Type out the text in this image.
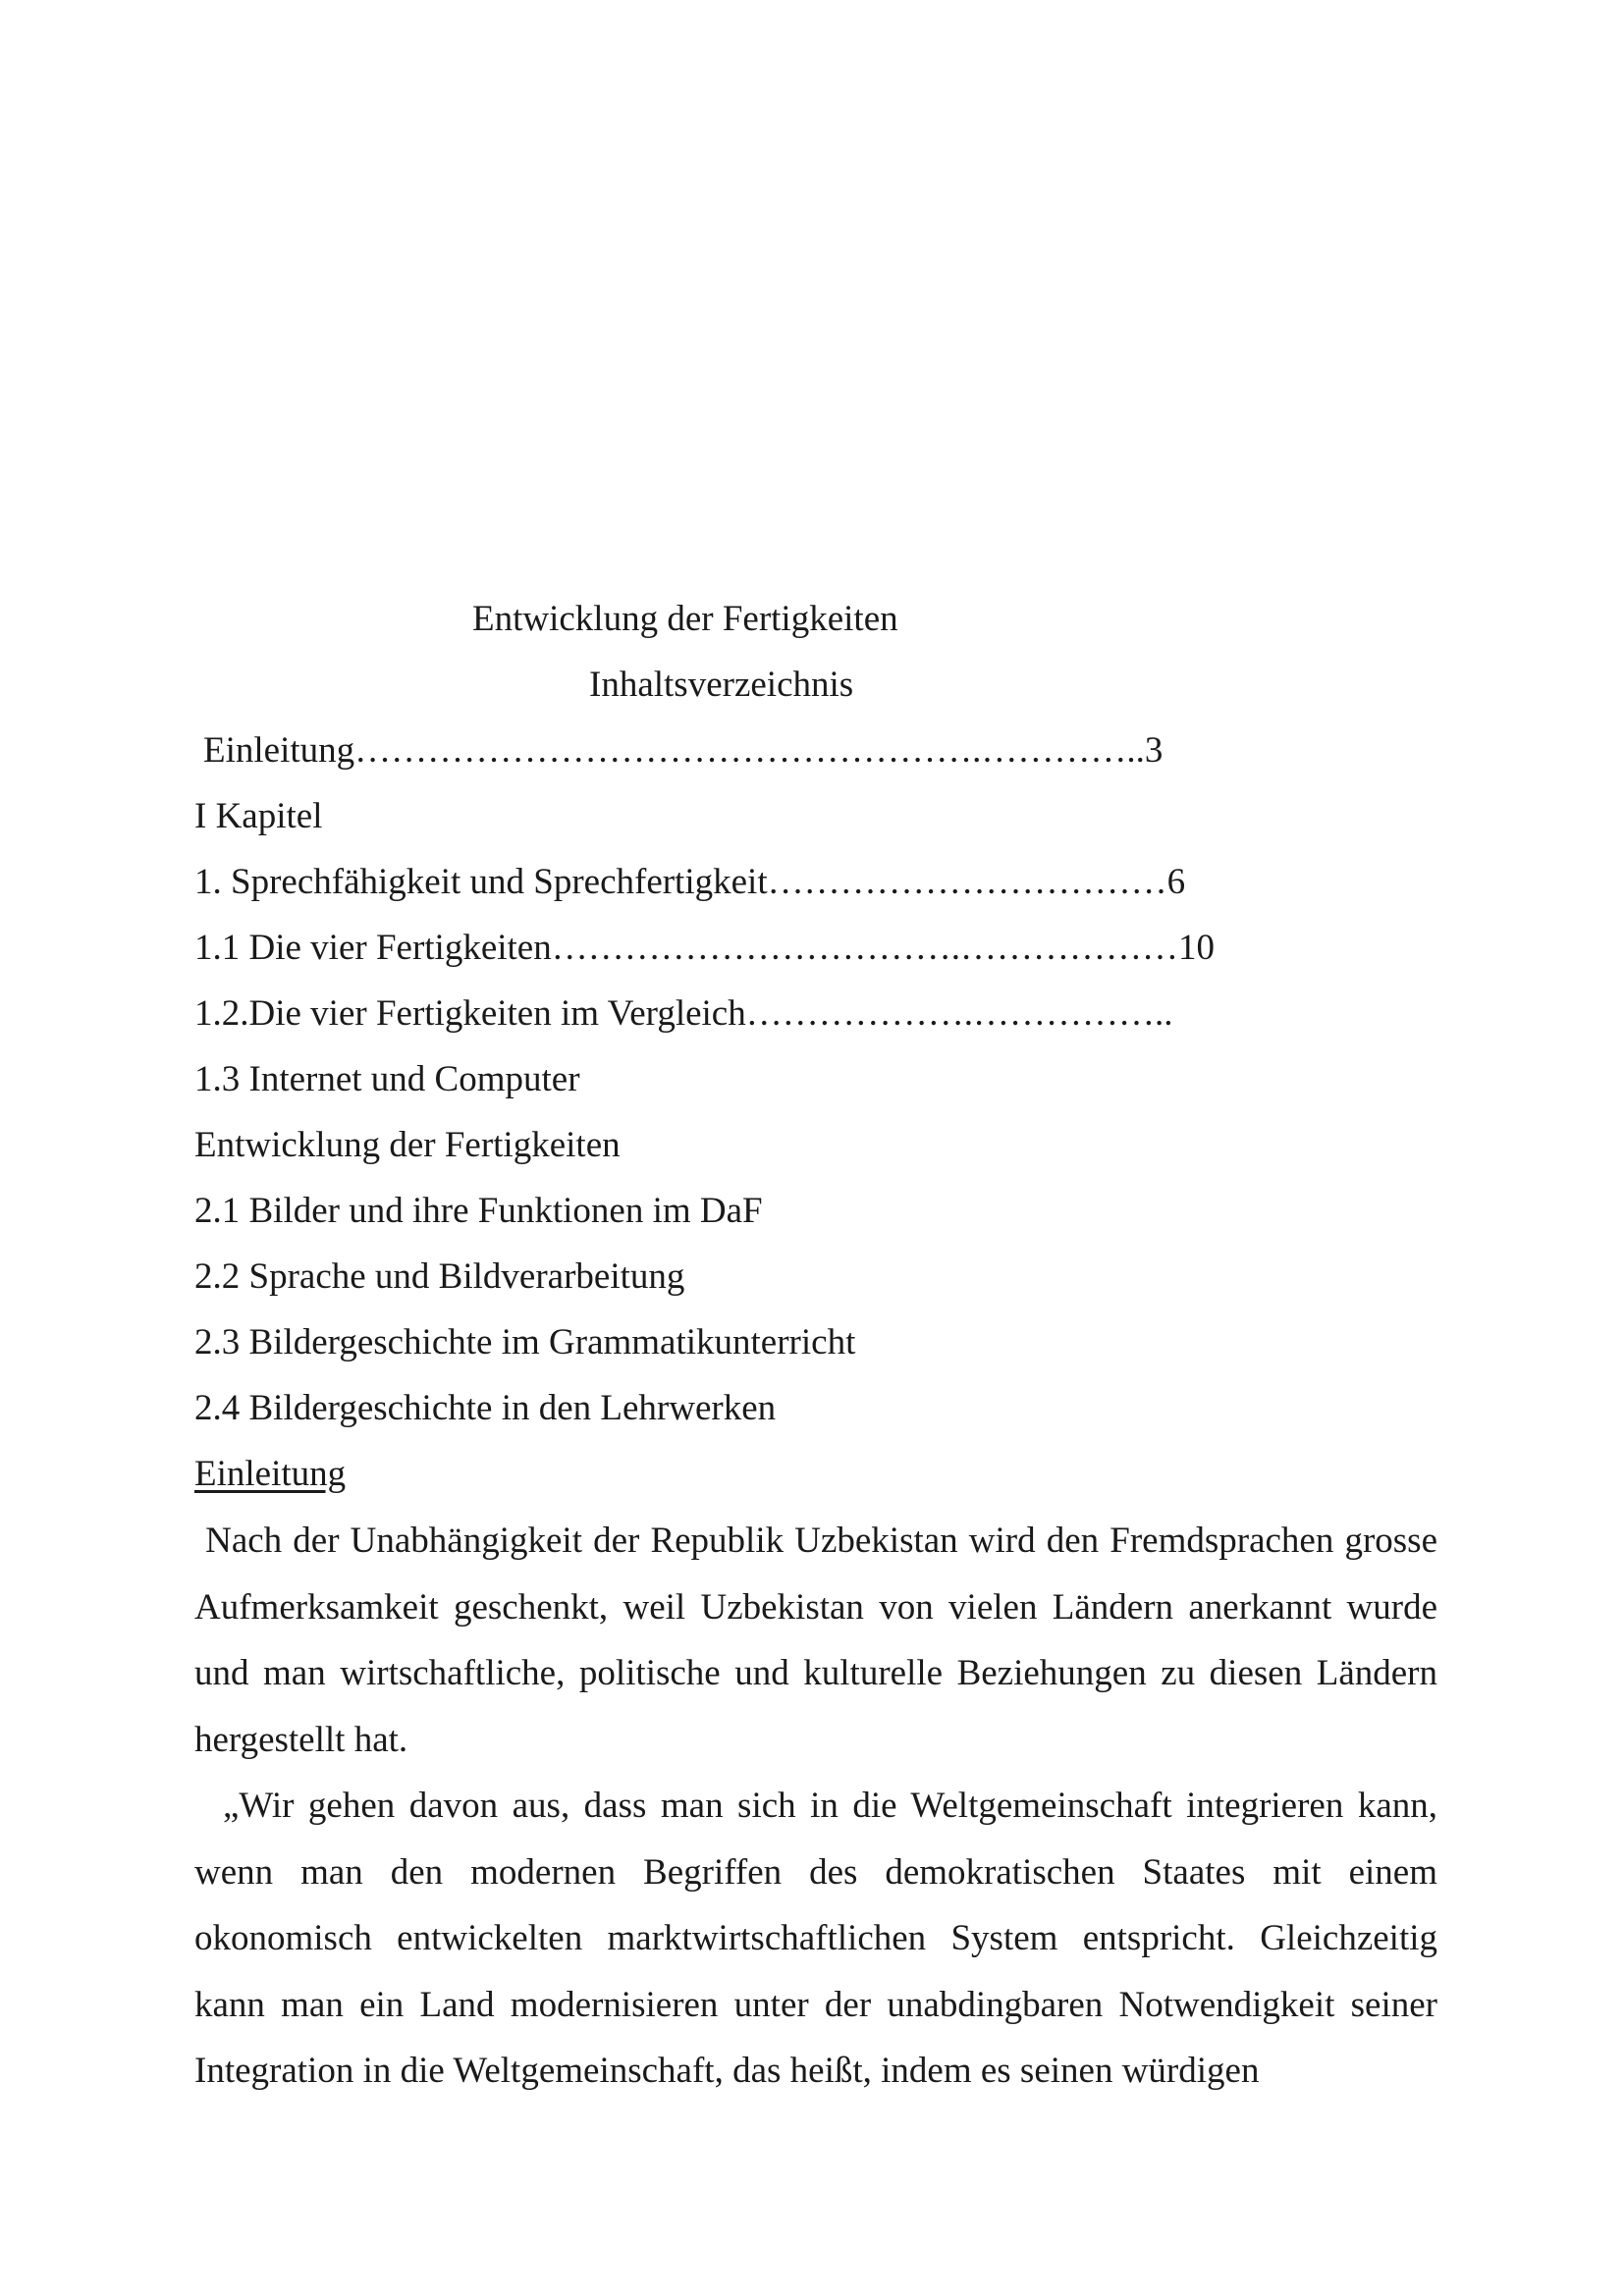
Entwicklung der Fertigkeiten
Inhaltsverzeichnis
Einleitung…………………………………………….…………..3
I Kapitel
1. Sprechfähigkeit und Sprechfertigkeit……………………………6
1.1 Die vier Fertigkeiten…………………………….………………10
1.2.Die vier Fertigkeiten im Vergleich……………….……………..
1.3 Internet und Computer
Entwicklung der Fertigkeiten
2.1 Bilder und ihre Funktionen im DaF
2.2 Sprache und Bildverarbeitung
2.3 Bildergeschichte im Grammatikunterricht
2.4 Bildergeschichte in den Lehrwerken
Einleitung

Nach der Unabhängigkeit der Republik Uzbekistan wird den Fremdsprachen grosse Aufmerksamkeit geschenkt, weil Uzbekistan von vielen Ländern anerkannt wurde und man wirtschaftliche, politische und kulturelle Beziehungen zu diesen Ländern hergestellt hat.

„Wir gehen davon aus, dass man sich in die Weltgemeinschaft integrieren kann, wenn man den modernen Begriffen des demokratischen Staates mit einem okonomisch entwickelten marktwirtschaftlichen System entspricht. Gleichzeitig kann man ein Land modernisieren unter der unabdingbaren Notwendigkeit seiner Integration in die Weltgemeinschaft, das heißt, indem es seinen würdigen
